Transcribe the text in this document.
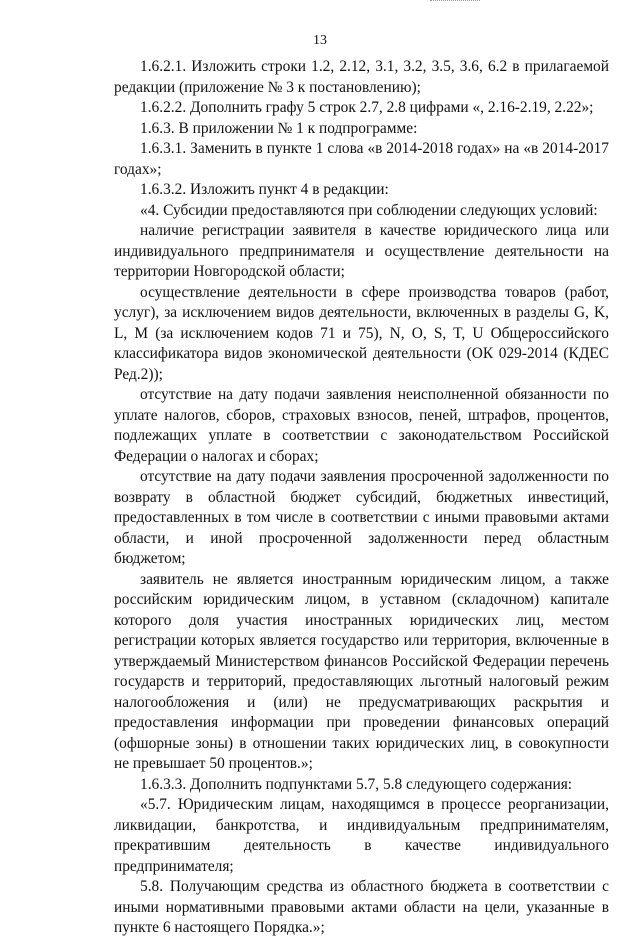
13

1.6.2.1. Изложить строки 1.2, 2.12, 3.1, 3.2, 3.5, 3.6, 6.2 в прилагаемой редакции (приложение № 3 к постановлению);

1.6.2.2. Дополнить графу 5 строк 2.7, 2.8 цифрами «, 2.16-2.19, 2.22»;

1.6.3. В приложении № 1 к подпрограмме:

1.6.3.1. Заменить в пункте 1 слова «в 2014-2018 годах» на «в 2014-2017 годах»;

1.6.3.2. Изложить пункт 4 в редакции:

«4. Субсидии предоставляются при соблюдении следующих условий:

наличие регистрации заявителя в качестве юридического лица или индивидуального предпринимателя и осуществление деятельности на территории Новгородской области;

осуществление деятельности в сфере производства товаров (работ, услуг), за исключением видов деятельности, включенных в разделы G, K, L, M (за исключением кодов 71 и 75), N, O, S, T, U Общероссийского классификатора видов экономической деятельности (ОК 029-2014 (КДЕС Ред.2));

отсутствие на дату подачи заявления неисполненной обязанности по уплате налогов, сборов, страховых взносов, пеней, штрафов, процентов, подлежащих уплате в соответствии с законодательством Российской Федерации о налогах и сборах;

отсутствие на дату подачи заявления просроченной задолженности по возврату в областной бюджет субсидий, бюджетных инвестиций, предоставленных в том числе в соответствии с иными правовыми актами области, и иной просроченной задолженности перед областным бюджетом;

заявитель не является иностранным юридическим лицом, а также российским юридическим лицом, в уставном (складочном) капитале которого доля участия иностранных юридических лиц, местом регистрации которых является государство или территория, включенные в утверждаемый Министерством финансов Российской Федерации перечень государств и территорий, предоставляющих льготный налоговый режим налогообложения и (или) не предусматривающих раскрытия и предоставления информации при проведении финансовых операций (офшорные зоны) в отношении таких юридических лиц, в совокупности не превышает 50 процентов.»;

1.6.3.3. Дополнить подпунктами 5.7, 5.8 следующего содержания:

«5.7. Юридическим лицам, находящимся в процессе реорганизации, ликвидации, банкротства, и индивидуальным предпринимателям, прекратившим деятельность в качестве индивидуального предпринимателя;

5.8. Получающим средства из областного бюджета в соответствии с иными нормативными правовыми актами области на цели, указанные в пункте 6 настоящего Порядка.»;
